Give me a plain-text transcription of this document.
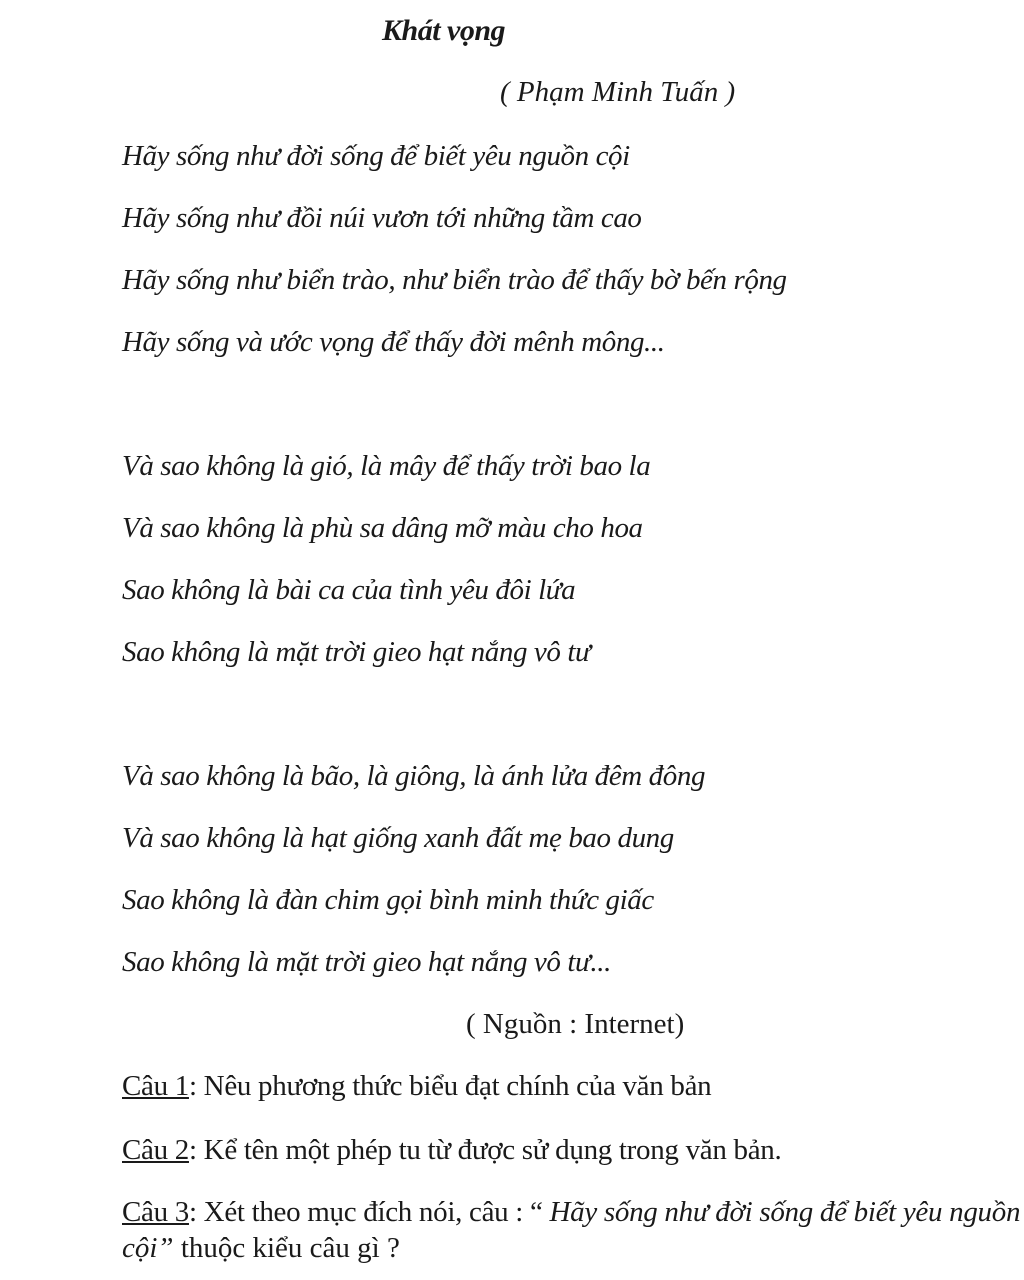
Khát vọng
( Phạm Minh Tuấn )
Hãy sống như đời sống để biết yêu nguồn cội
Hãy sống như đồi núi vươn tới những tầm cao
Hãy sống như biển trào, như biển trào để thấy bờ bến rộng
Hãy sống và ước vọng để thấy đời mênh mông...
Và sao không là gió, là mây để thấy trời bao la
Và sao không là phù sa dâng mỡ màu cho hoa
Sao không là bài ca của tình yêu đôi lứa
Sao không là mặt trời gieo hạt nắng vô tư
Và sao không là bão, là giông, là ánh lửa đêm đông
Và sao không là hạt giống xanh đất mẹ bao dung
Sao không là đàn chim gọi bình minh thức giấc
Sao không là mặt trời gieo hạt nắng vô tư...
( Nguồn : Internet)
Câu 1: Nêu phương thức biểu đạt chính của văn bản
Câu 2: Kể tên một phép tu từ được sử dụng trong văn bản.
Câu 3: Xét theo mục đích nói, câu : “ Hãy sống như đời sống để biết yêu nguồn
cội” thuộc kiểu câu gì ?
